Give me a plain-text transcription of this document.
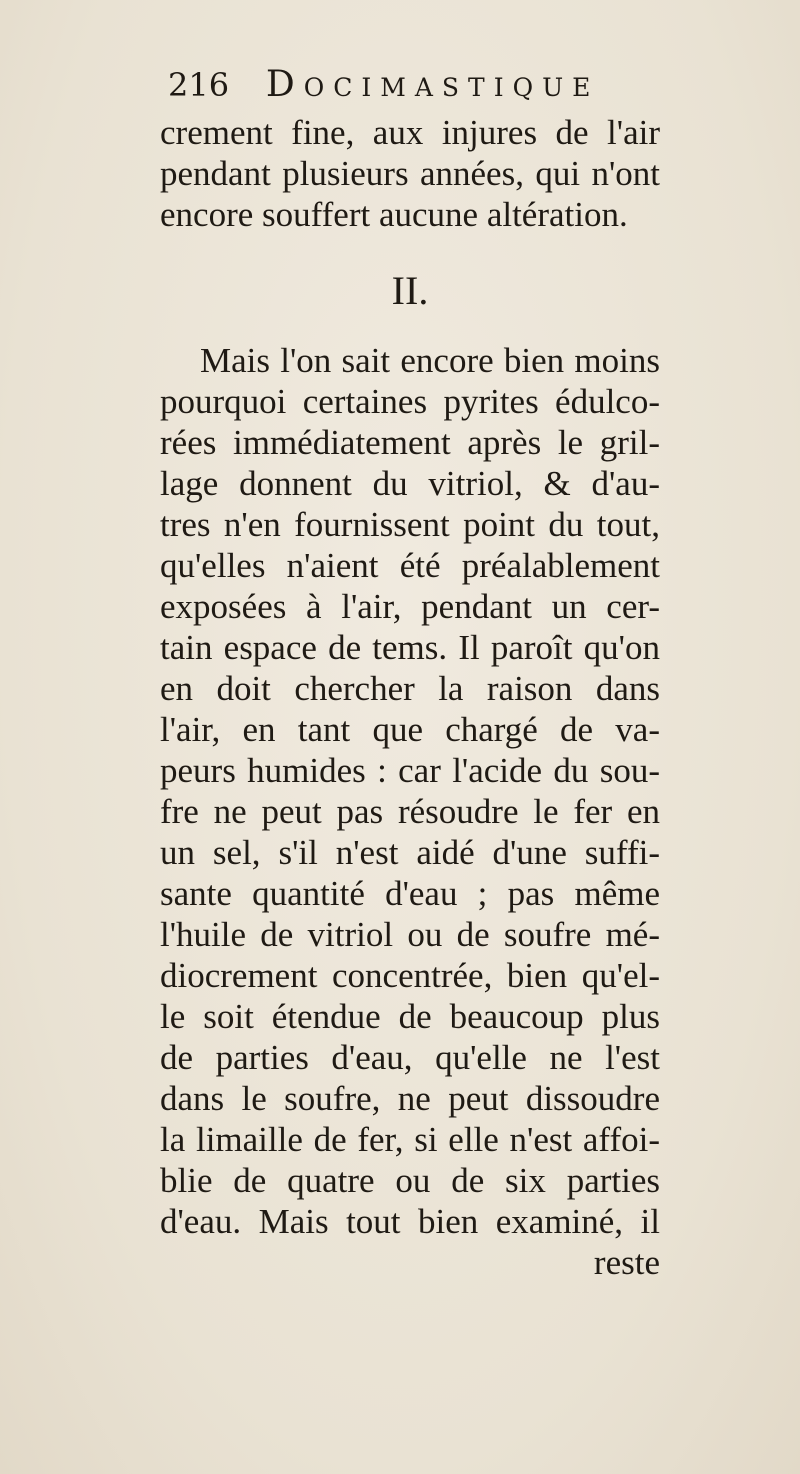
216 Docimastique
crement fine, aux injures de l'air
pendant plusieurs années, qui n'ont
encore souffert aucune altération.
II.
Mais l'on sait encore bien moins
pourquoi certaines pyrites édulco-
rées immédiatement après le gril-
lage donnent du vitriol, & d'au-
tres n'en fournissent point du tout,
qu'elles n'aient été préalablement
exposées à l'air, pendant un cer-
tain espace de tems. Il paroît qu'on
en doit chercher la raison dans
l'air, en tant que chargé de va-
peurs humides : car l'acide du sou-
fre ne peut pas résoudre le fer en
un sel, s'il n'est aidé d'une suffi-
sante quantité d'eau ; pas même
l'huile de vitriol ou de soufre mé-
diocrement concentrée, bien qu'el-
le soit étendue de beaucoup plus
de parties d'eau, qu'elle ne l'est
dans le soufre, ne peut dissoudre
la limaille de fer, si elle n'est affoi-
blie de quatre ou de six parties
d'eau. Mais tout bien examiné, il
reste
